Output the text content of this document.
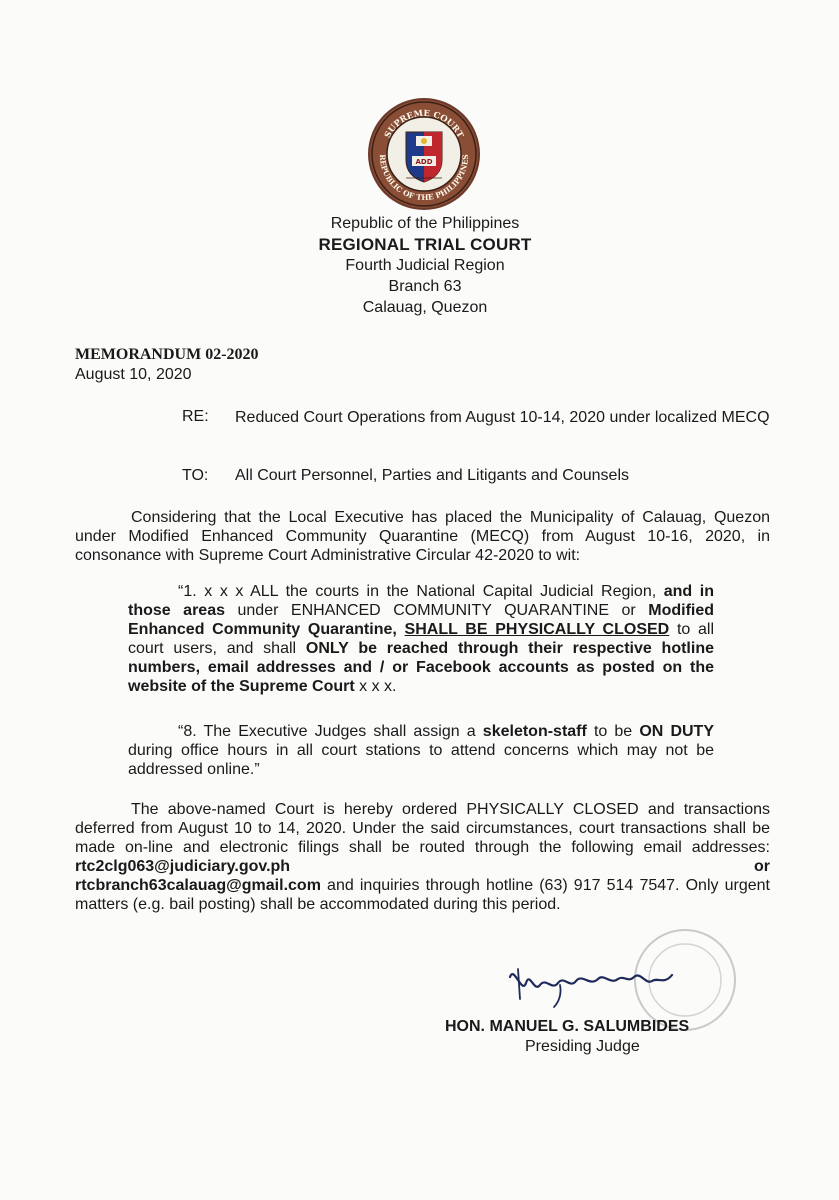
SUPREME COURT
REPUBLIC OF THE PHILIPPINES
ADD
Republic of the Philippines
REGIONAL TRIAL COURT
Fourth Judicial Region
Branch 63
Calauag, Quezon
MEMORANDUM 02-2020
August 10, 2020
RE: Reduced Court Operations from August 10-14, 2020 under localized MECQ
TO: All Court Personnel, Parties and Litigants and Counsels
Considering that the Local Executive has placed the Municipality of Calauag, Quezon under Modified Enhanced Community Quarantine (MECQ) from August 10-16, 2020, in consonance with Supreme Court Administrative Circular 42-2020 to wit:
“1. x x x ALL the courts in the National Capital Judicial Region, and in those areas under ENHANCED COMMUNITY QUARANTINE or Modified Enhanced Community Quarantine, SHALL BE PHYSICALLY CLOSED to all court users, and shall ONLY be reached through their respective hotline numbers, email addresses and / or Facebook accounts as posted on the website of the Supreme Court x x x.
“8. The Executive Judges shall assign a skeleton-staff to be ON DUTY during office hours in all court stations to attend concerns which may not be addressed online.”
The above-named Court is hereby ordered PHYSICALLY CLOSED and transactions deferred from August 10 to 14, 2020. Under the said circumstances, court transactions shall be made on-line and electronic filings shall be routed through the following email addresses: rtc2clg063@judiciary.gov.ph	or
rtcbranch63calauag@gmail.com and inquiries through hotline (63) 917 514 7547. Only urgent matters (e.g. bail posting) shall be accommodated during this period.
HON. MANUEL G. SALUMBIDES
Presiding Judge
